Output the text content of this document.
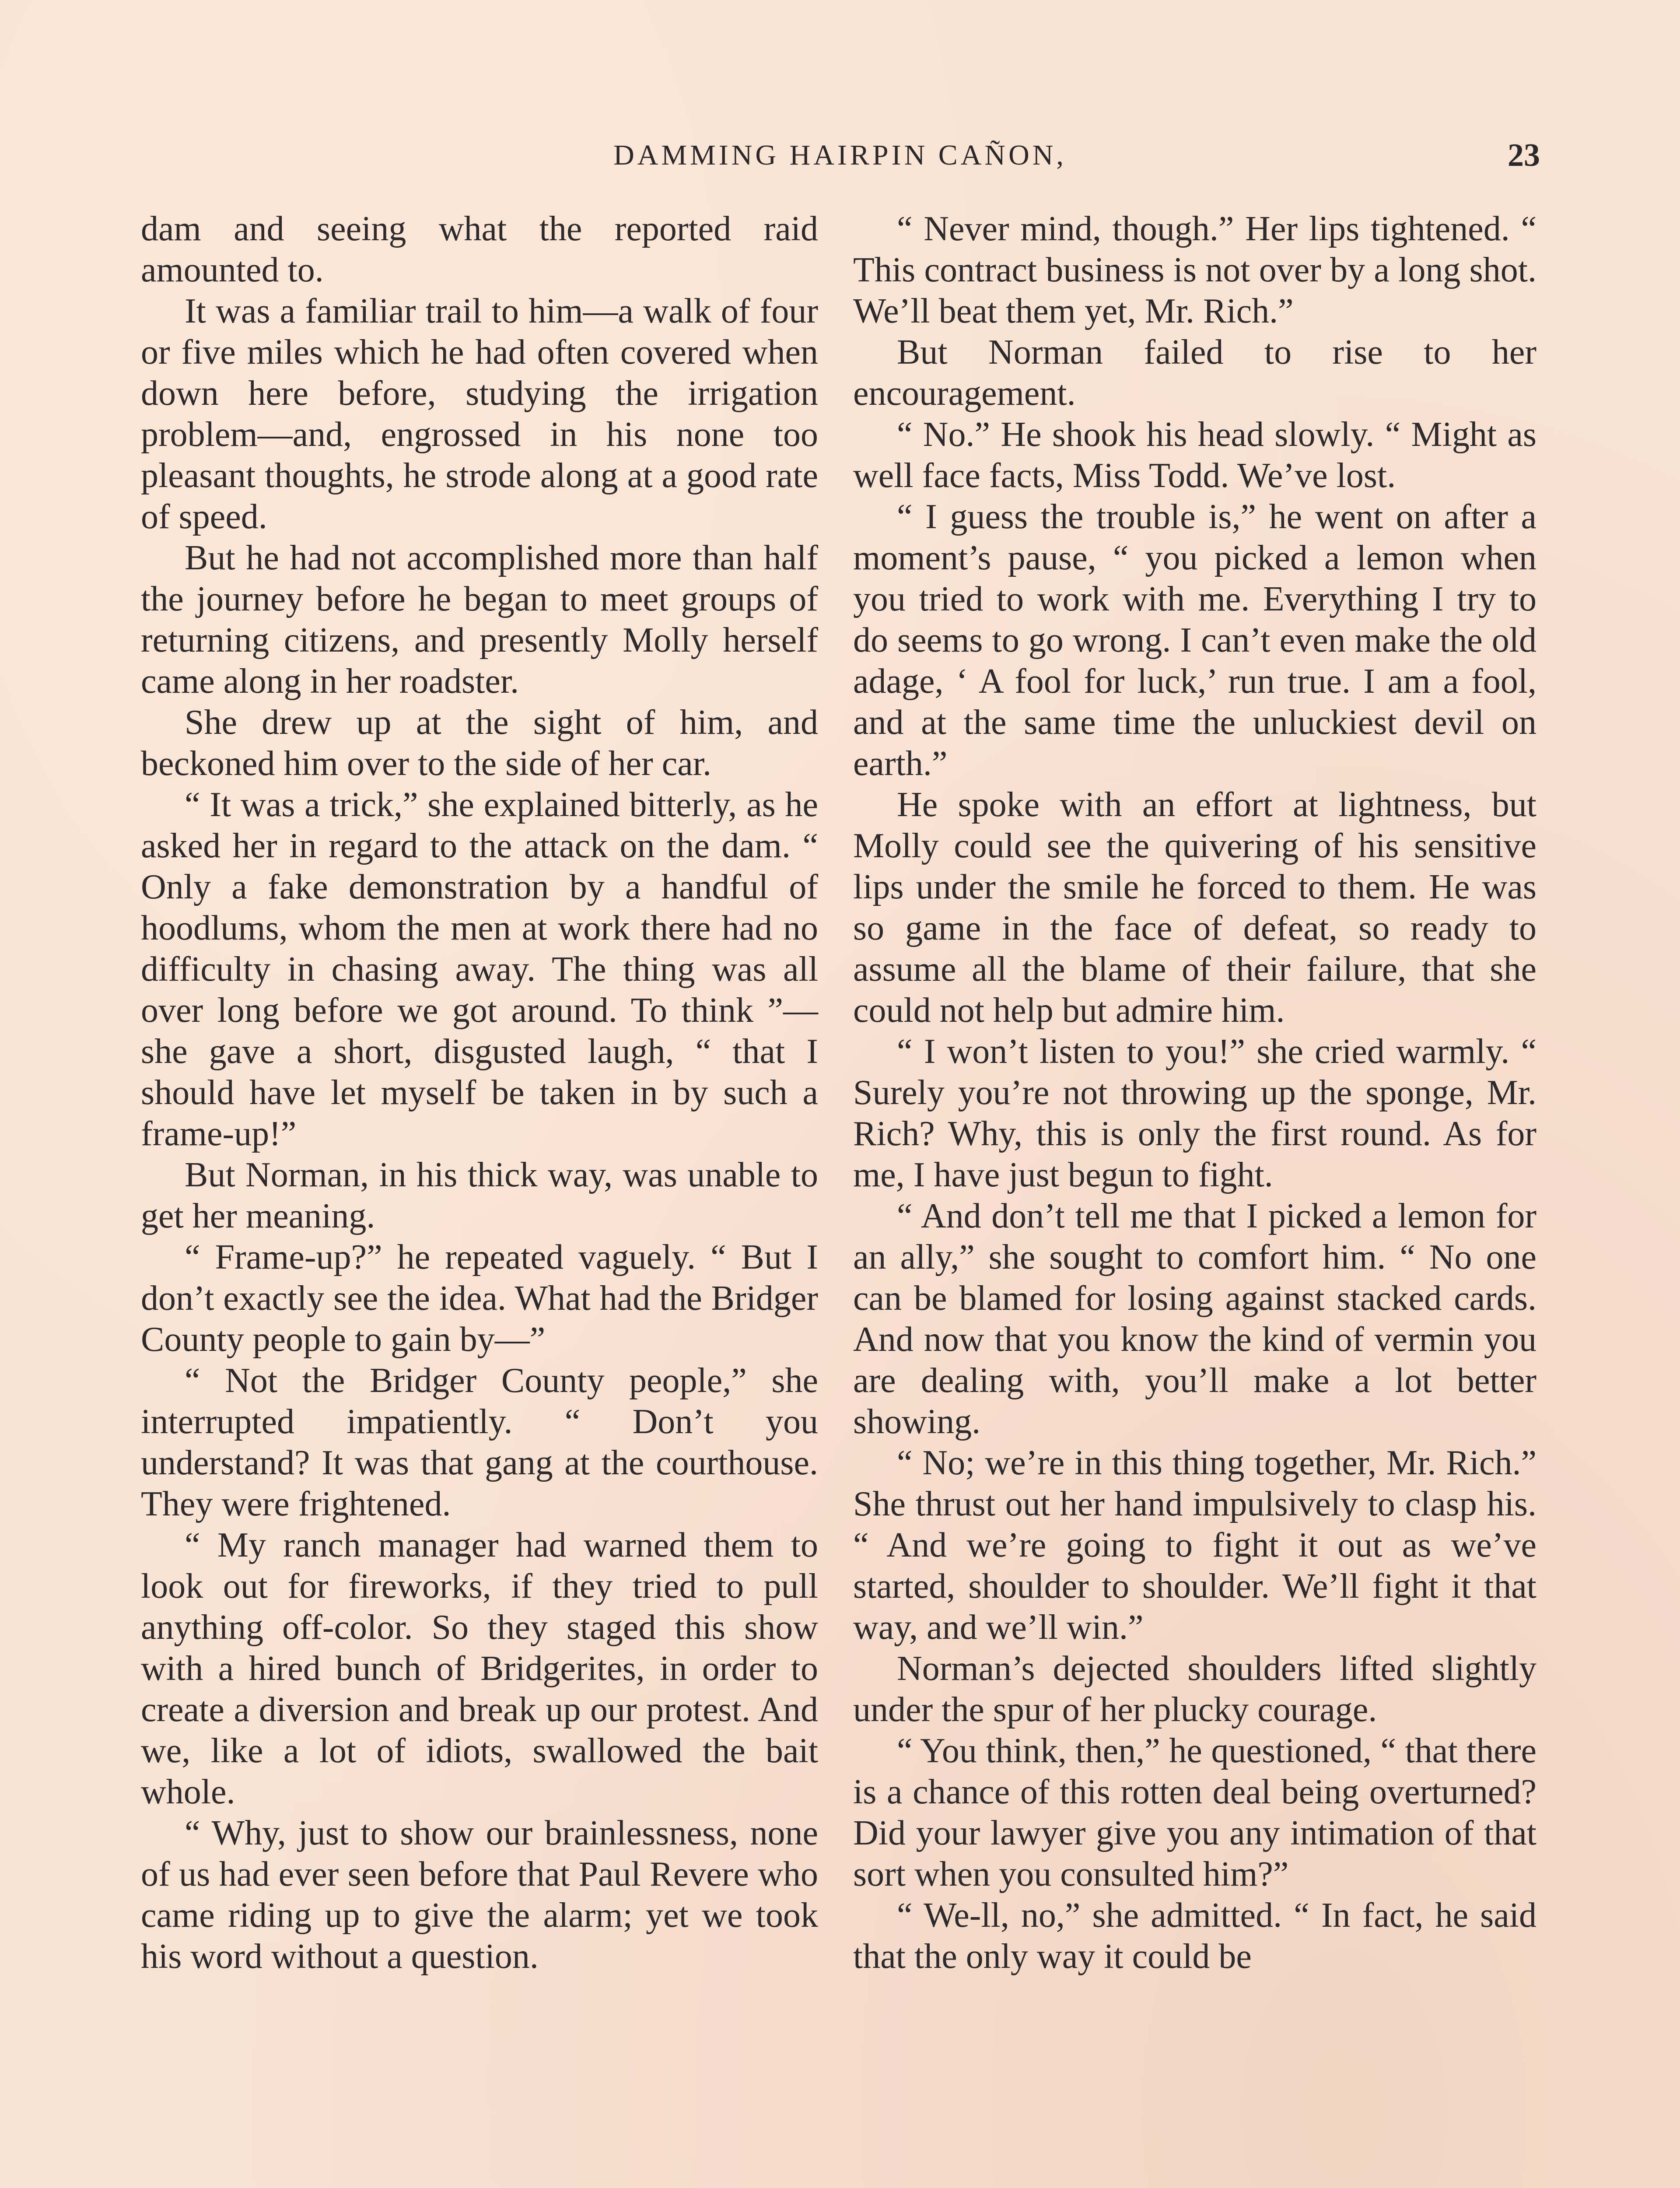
DAMMING HAIRPIN CAÑON,	23

dam and seeing what the reported raid amounted to.

It was a familiar trail to him—a walk of four or five miles which he had often covered when down here before, studying the irrigation problem—and, engrossed in his none too pleasant thoughts, he strode along at a good rate of speed.

But he had not accomplished more than half the journey before he began to meet groups of returning citizens, and presently Molly herself came along in her roadster.

She drew up at the sight of him, and beckoned him over to the side of her car.

“ It was a trick,” she explained bitterly, as he asked her in regard to the attack on the dam. “ Only a fake demonstration by a handful of hoodlums, whom the men at work there had no difficulty in chasing away. The thing was all over long before we got around. To think ”—she gave a short, disgusted laugh, “ that I should have let myself be taken in by such a frame-up!”

But Norman, in his thick way, was unable to get her meaning.

“ Frame-up?” he repeated vaguely. “ But I don’t exactly see the idea. What had the Bridger County people to gain by—”

“ Not the Bridger County people,” she interrupted impatiently. “ Don’t you understand? It was that gang at the courthouse. They were frightened.

“ My ranch manager had warned them to look out for fireworks, if they tried to pull anything off-color. So they staged this show with a hired bunch of Bridgerites, in order to create a diversion and break up our protest. And we, like a lot of idiots, swallowed the bait whole.

“ Why, just to show our brainlessness, none of us had ever seen before that Paul Revere who came riding up to give the alarm; yet we took his word without a question.

“ Never mind, though.” Her lips tightened. “ This contract business is not over by a long shot. We’ll beat them yet, Mr. Rich.”

But Norman failed to rise to her encouragement.

“ No.” He shook his head slowly. “ Might as well face facts, Miss Todd. We’ve lost.

“ I guess the trouble is,” he went on after a moment’s pause, “ you picked a lemon when you tried to work with me. Everything I try to do seems to go wrong. I can’t even make the old adage, ‘ A fool for luck,’ run true. I am a fool, and at the same time the unluckiest devil on earth.”

He spoke with an effort at lightness, but Molly could see the quivering of his sensitive lips under the smile he forced to them. He was so game in the face of defeat, so ready to assume all the blame of their failure, that she could not help but admire him.

“ I won’t listen to you!” she cried warmly. “ Surely you’re not throwing up the sponge, Mr. Rich? Why, this is only the first round. As for me, I have just begun to fight.

“ And don’t tell me that I picked a lemon for an ally,” she sought to comfort him. “ No one can be blamed for losing against stacked cards. And now that you know the kind of vermin you are dealing with, you’ll make a lot better showing.

“ No; we’re in this thing together, Mr. Rich.” She thrust out her hand impulsively to clasp his. “ And we’re going to fight it out as we’ve started, shoulder to shoulder. We’ll fight it that way, and we’ll win.”

Norman’s dejected shoulders lifted slightly under the spur of her plucky courage.

“ You think, then,” he questioned, “ that there is a chance of this rotten deal being overturned? Did your lawyer give you any intimation of that sort when you consulted him?”

“ We-ll, no,” she admitted. “ In fact, he said that the only way it could be
